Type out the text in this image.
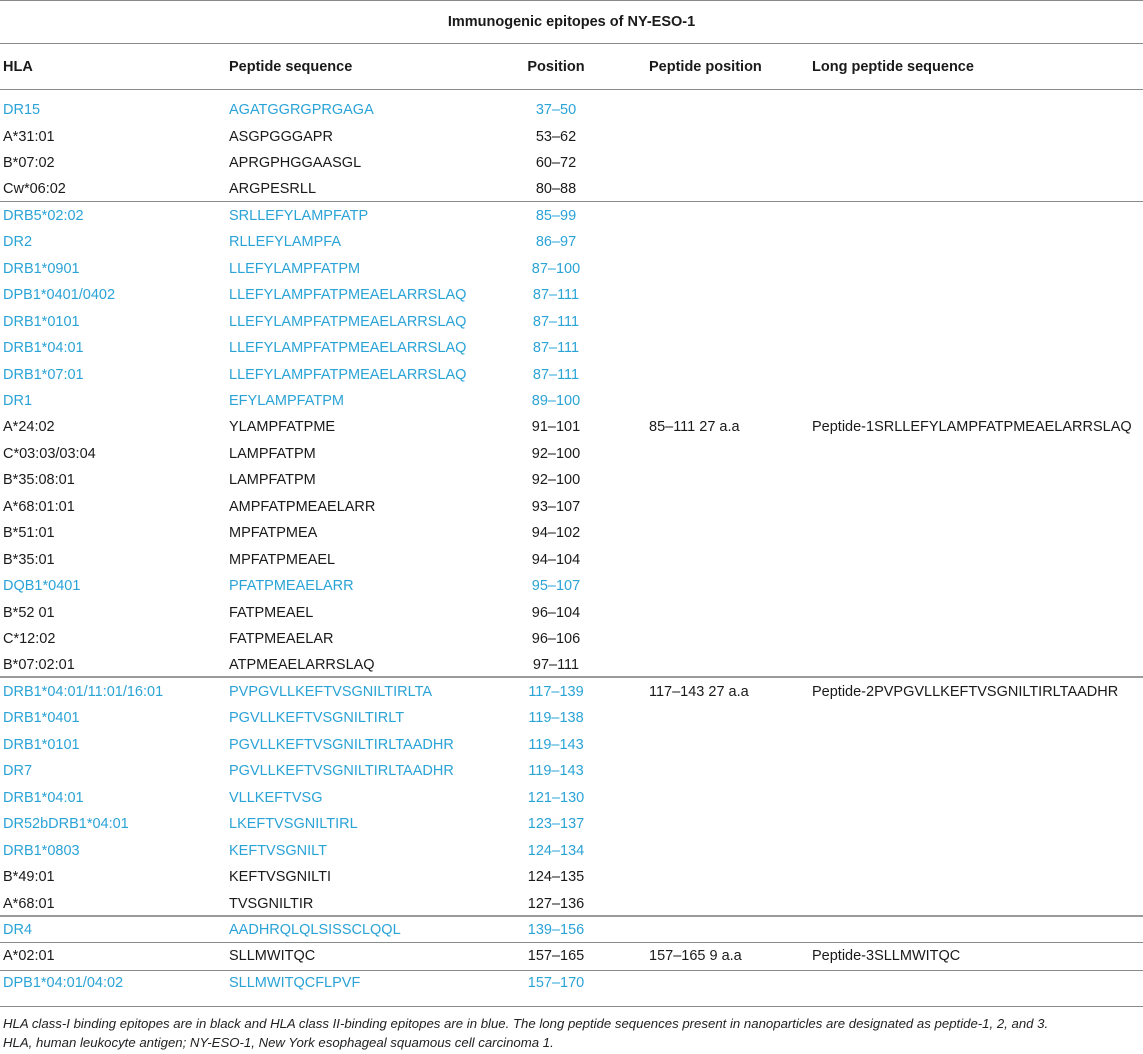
Immunogenic epitopes of NY-ESO-1
HLA	Peptide sequence	Position	Peptide position	Long peptide sequence
DR15	AGATGGRGPRGAGA	37–50
A*31:01	ASGPGGGAPR	53–62
B*07:02	APRGPHGGAASGL	60–72
Cw*06:02	ARGPESRLL	80–88
DRB5*02:02	SRLLEFYLAMPFATP	85–99
DR2	RLLEFYLAMPFA	86–97
DRB1*0901	LLEFYLAMPFATPM	87–100
DPB1*0401/0402	LLEFYLAMPFATPMEAELARRSLAQ	87–111
DRB1*0101	LLEFYLAMPFATPMEAELARRSLAQ	87–111
DRB1*04:01	LLEFYLAMPFATPMEAELARRSLAQ	87–111
DRB1*07:01	LLEFYLAMPFATPMEAELARRSLAQ	87–111
DR1	EFYLAMPFATPM	89–100
A*24:02	YLAMPFATPME	91–101	85–111 27 a.a	Peptide-1SRLLEFYLAMPFATPMEAELARRSLAQ
C*03:03/03:04	LAMPFATPM	92–100
B*35:08:01	LAMPFATPM	92–100
A*68:01:01	AMPFATPMEAELARR	93–107
B*51:01	MPFATPMEA	94–102
B*35:01	MPFATPMEAEL	94–104
DQB1*0401	PFATPMEAELARR	95–107
B*52 01	FATPMEAEL	96–104
C*12:02	FATPMEAELAR	96–106
B*07:02:01	ATPMEAELARRSLAQ	97–111
DRB1*04:01/11:01/16:01	PVPGVLLKEFTVSGNILTIRLTA	117–139	117–143 27 a.a	Peptide-2PVPGVLLKEFTVSGNILTIRLTAADHR
DRB1*0401	PGVLLKEFTVSGNILTIRLT	119–138
DRB1*0101	PGVLLKEFTVSGNILTIRLTAADHR	119–143
DR7	PGVLLKEFTVSGNILTIRLTAADHR	119–143
DRB1*04:01	VLLKEFTVSG	121–130
DR52bDRB1*04:01	LKEFTVSGNILTIRL	123–137
DRB1*0803	KEFTVSGNILT	124–134
B*49:01	KEFTVSGNILTI	124–135
A*68:01	TVSGNILTIR	127–136
DR4	AADHRQLQLSISSCLQQL	139–156
A*02:01	SLLMWITQC	157–165	157–165 9 a.a	Peptide-3SLLMWITQC
DPB1*04:01/04:02	SLLMWITQCFLPVF	157–170
HLA class-I binding epitopes are in black and HLA class II-binding epitopes are in blue. The long peptide sequences present in nanoparticles are designated as peptide-1, 2, and 3.
HLA, human leukocyte antigen; NY-ESO-1, New York esophageal squamous cell carcinoma 1.
